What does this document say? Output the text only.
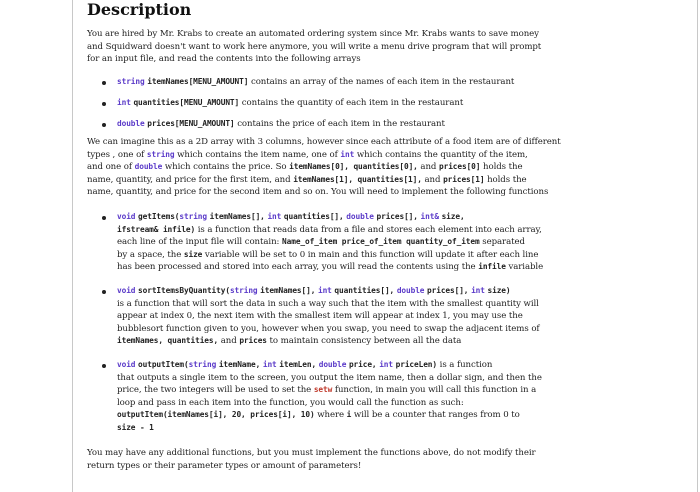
Description

You are hired by Mr. Krabs to create an automated ordering system since Mr. Krabs wants to save money
and Squidward doesn't want to work here anymore, you will write a menu drive program that will prompt
for an input file, and read the contents into the following arrays

string itemNames[MENU_AMOUNT] contains an array of the names of each item in the restaurant

int quantities[MENU_AMOUNT] contains the quantity of each item in the restaurant

double prices[MENU_AMOUNT] contains the price of each item in the restaurant

We can imagine this as a 2D array with 3 columns, however since each attribute of a food item are of different
types , one of string which contains the item name, one of int which contains the quantity of the item,
and one of double which contains the price. So itemNames[0], quantities[0], and prices[0] holds the
name, quantity, and price for the first item, and itemNames[1], quantities[1], and prices[1] holds the
name, quantity, and price for the second item and so on. You will need to implement the following functions

void getItems(string itemNames[], int quantities[], double prices[], int& size,
ifstream& infile) is a function that reads data from a file and stores each element into each array,
each line of the input file will contain: Name_of_item price_of_item quantity_of_item separated
by a space, the size variable will be set to 0 in main and this function will update it after each line
has been processed and stored into each array, you will read the contents using the infile variable

void sortItemsByQuantity(string itemNames[], int quantities[], double prices[], int size)
is a function that will sort the data in such a way such that the item with the smallest quantity will
appear at index 0, the next item with the smallest item will appear at index 1, you may use the
bubblesort function given to you, however when you swap, you need to swap the adjacent items of
itemNames, quantities, and prices to maintain consistency between all the data

void outputItem(string itemName, int itemLen, double price, int priceLen) is a function
that outputs a single item to the screen, you output the item name, then a dollar sign, and then the
price, the two integers will be used to set the setw function, in main you will call this function in a
loop and pass in each item into the function, you would call the function as such:
outputItem(itemNames[i], 20, prices[i], 10) where i will be a counter that ranges from 0 to
size - 1

You may have any additional functions, but you must implement the functions above, do not modify their
return types or their parameter types or amount of parameters!
